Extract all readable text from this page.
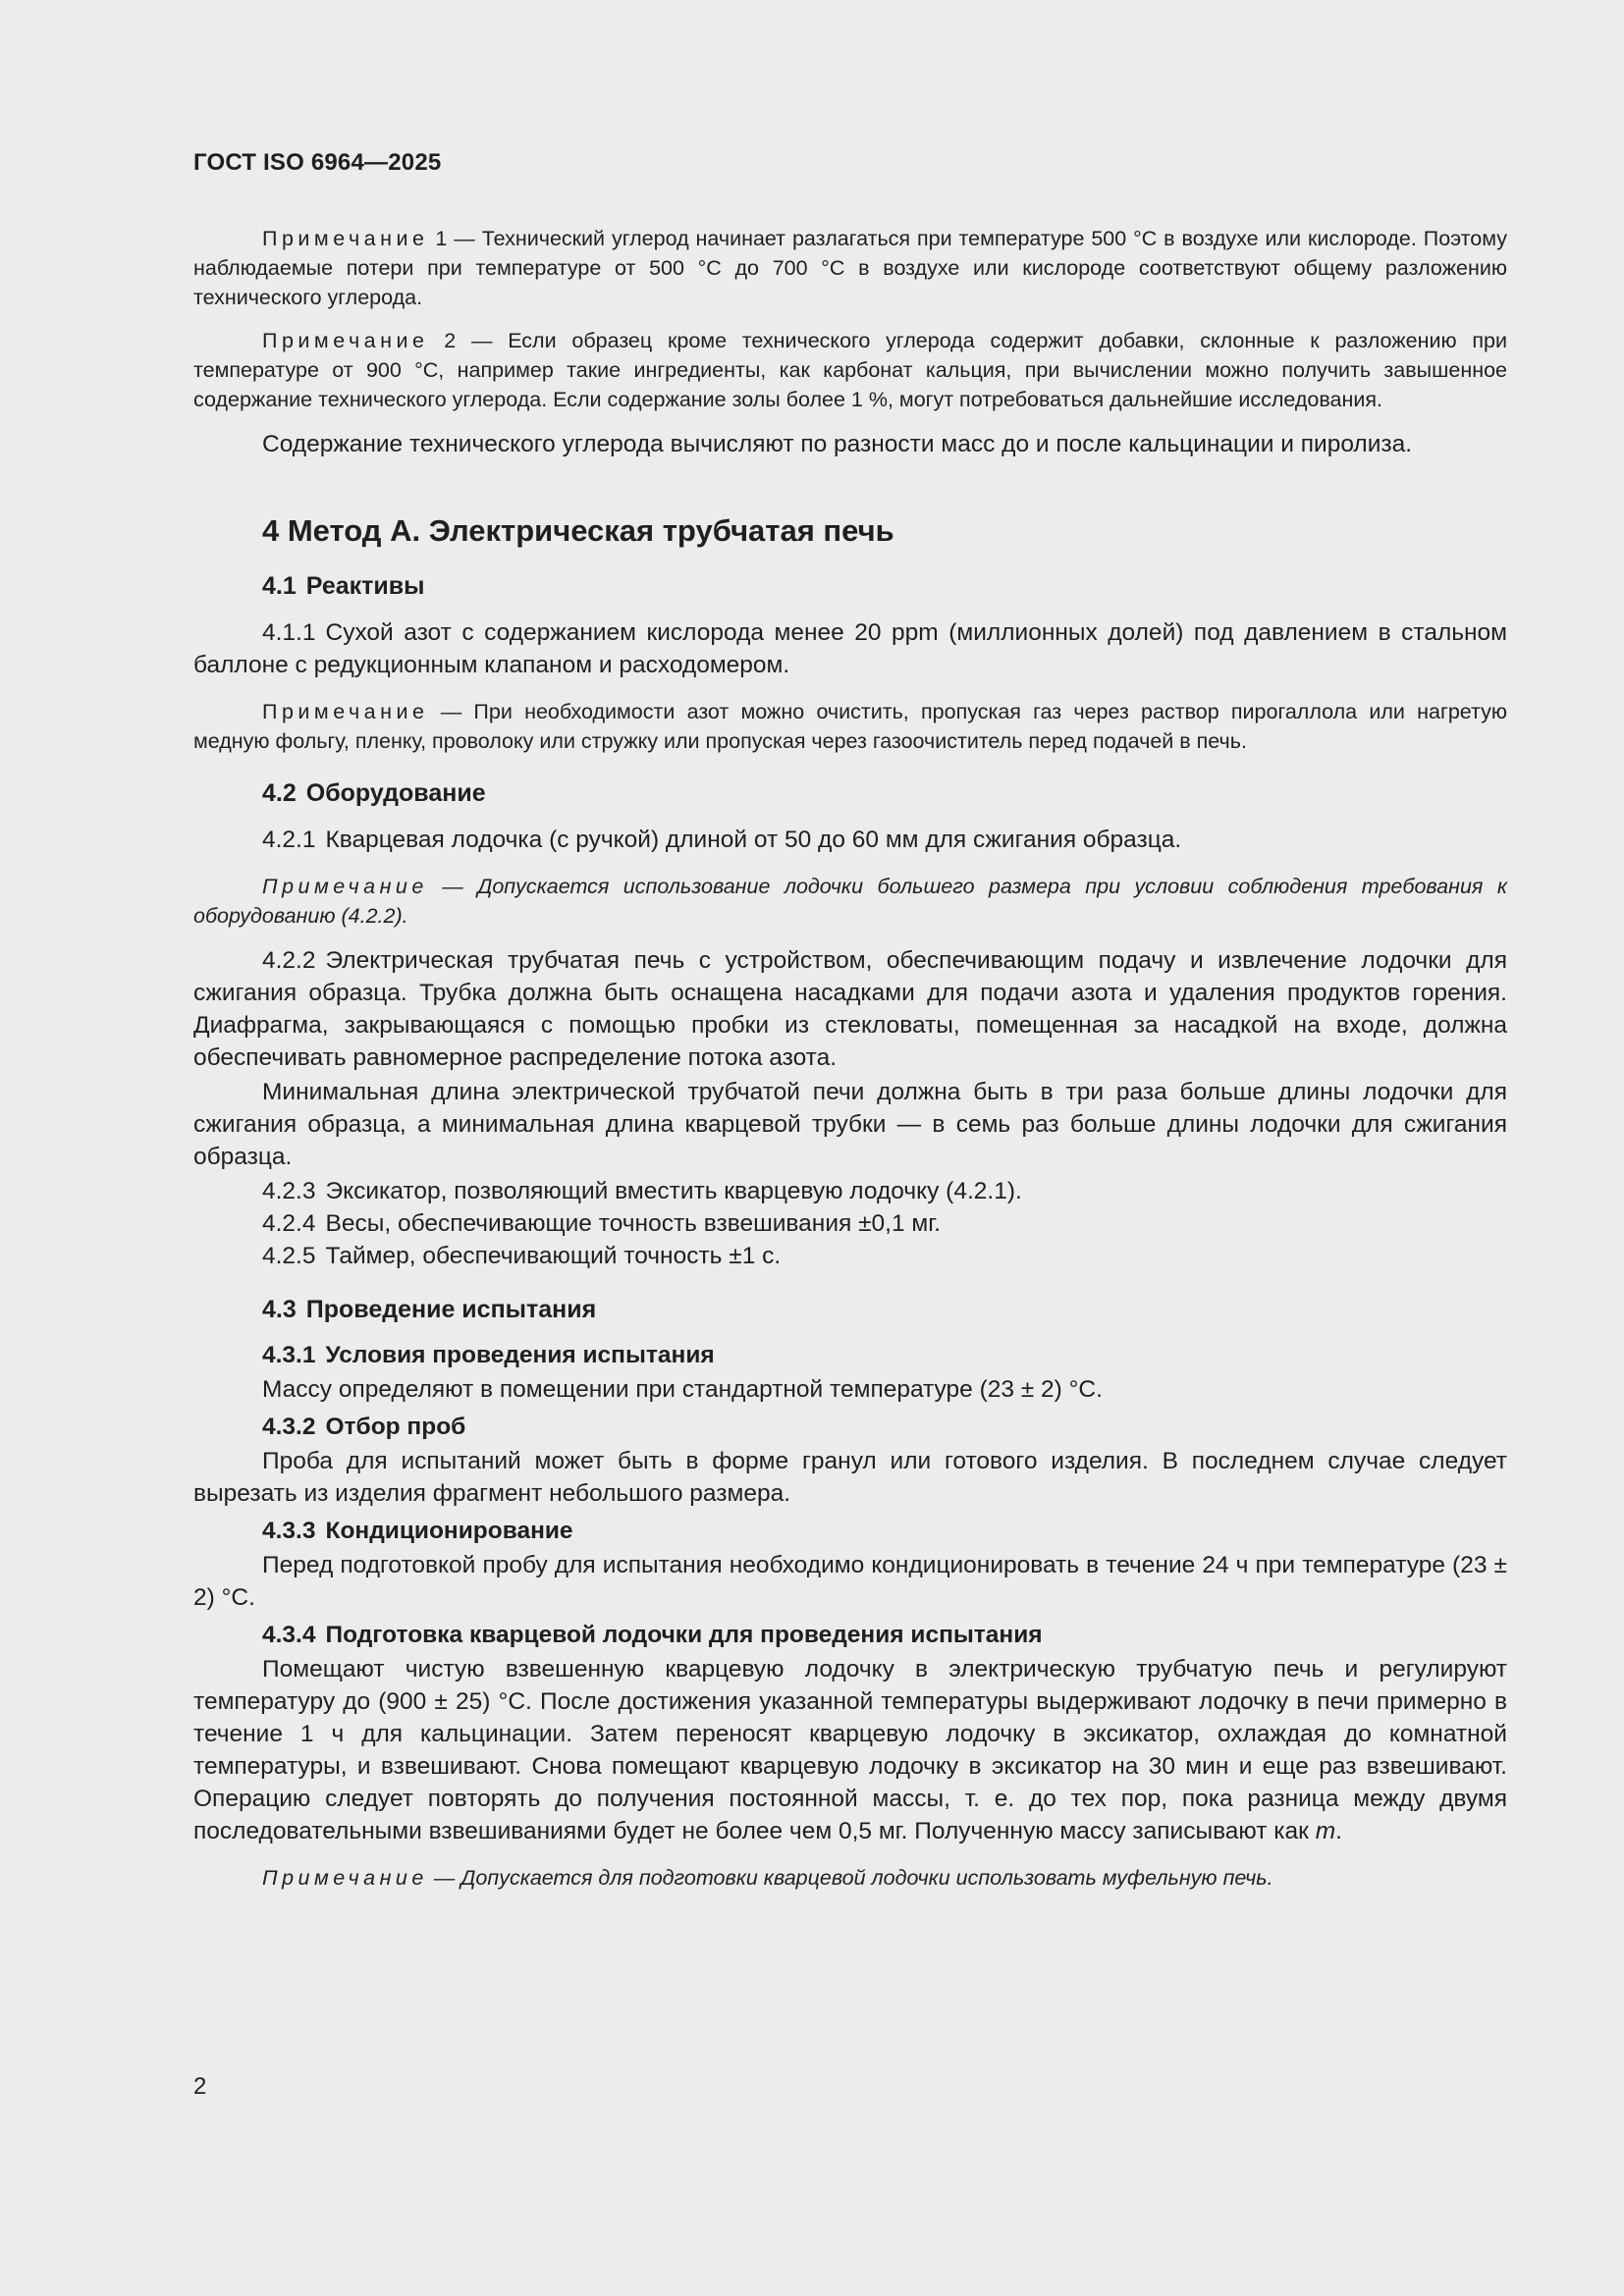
ГОСТ ISO 6964—2025

Примечание 1 — Технический углерод начинает разлагаться при температуре 500 °С в воздухе или кислороде. Поэтому наблюдаемые потери при температуре от 500 °С до 700 °С в воздухе или кислороде соответствуют общему разложению технического углерода.

Примечание 2 — Если образец кроме технического углерода содержит добавки, склонные к разложению при температуре от 900 °С, например такие ингредиенты, как карбонат кальция, при вычислении можно получить завышенное содержание технического углерода. Если содержание золы более 1 %, могут потребоваться дальнейшие исследования.

Содержание технического углерода вычисляют по разности масс до и после кальцинации и пиролиза.

4 Метод А. Электрическая трубчатая печь
4.1 Реактивы

4.1.1 Сухой азот с содержанием кислорода менее 20 ppm (миллионных долей) под давлением в стальном баллоне с редукционным клапаном и расходомером.

Примечание — При необходимости азот можно очистить, пропуская газ через раствор пирогаллола или нагретую медную фольгу, пленку, проволоку или стружку или пропуская через газоочиститель перед подачей в печь.

4.2 Оборудование

4.2.1 Кварцевая лодочка (с ручкой) длиной от 50 до 60 мм для сжигания образца.

Примечание — Допускается использование лодочки большего размера при условии соблюдения требования к оборудованию (4.2.2).

4.2.2 Электрическая трубчатая печь с устройством, обеспечивающим подачу и извлечение лодочки для сжигания образца. Трубка должна быть оснащена насадками для подачи азота и удаления продуктов горения. Диафрагма, закрывающаяся с помощью пробки из стекловаты, помещенная за насадкой на входе, должна обеспечивать равномерное распределение потока азота.

Минимальная длина электрической трубчатой печи должна быть в три раза больше длины лодочки для сжигания образца, а минимальная длина кварцевой трубки — в семь раз больше длины лодочки для сжигания образца.

4.2.3 Эксикатор, позволяющий вместить кварцевую лодочку (4.2.1).

4.2.4 Весы, обеспечивающие точность взвешивания ±0,1 мг.

4.2.5 Таймер, обеспечивающий точность ±1 с.

4.3 Проведение испытания
4.3.1 Условия проведения испытания

Массу определяют в помещении при стандартной температуре (23 ± 2) °С.

4.3.2 Отбор проб

Проба для испытаний может быть в форме гранул или готового изделия. В последнем случае следует вырезать из изделия фрагмент небольшого размера.

4.3.3 Кондиционирование

Перед подготовкой пробу для испытания необходимо кондиционировать в течение 24 ч при температуре (23 ± 2) °С.

4.3.4 Подготовка кварцевой лодочки для проведения испытания

Помещают чистую взвешенную кварцевую лодочку в электрическую трубчатую печь и регулируют температуру до (900 ± 25) °С. После достижения указанной температуры выдерживают лодочку в печи примерно в течение 1 ч для кальцинации. Затем переносят кварцевую лодочку в эксикатор, охлаждая до комнатной температуры, и взвешивают. Снова помещают кварцевую лодочку в эксикатор на 30 мин и еще раз взвешивают. Операцию следует повторять до получения постоянной массы, т. е. до тех пор, пока разница между двумя последовательными взвешиваниями будет не более чем 0,5 мг. Полученную массу записывают как m.

Примечание — Допускается для подготовки кварцевой лодочки использовать муфельную печь.

2
